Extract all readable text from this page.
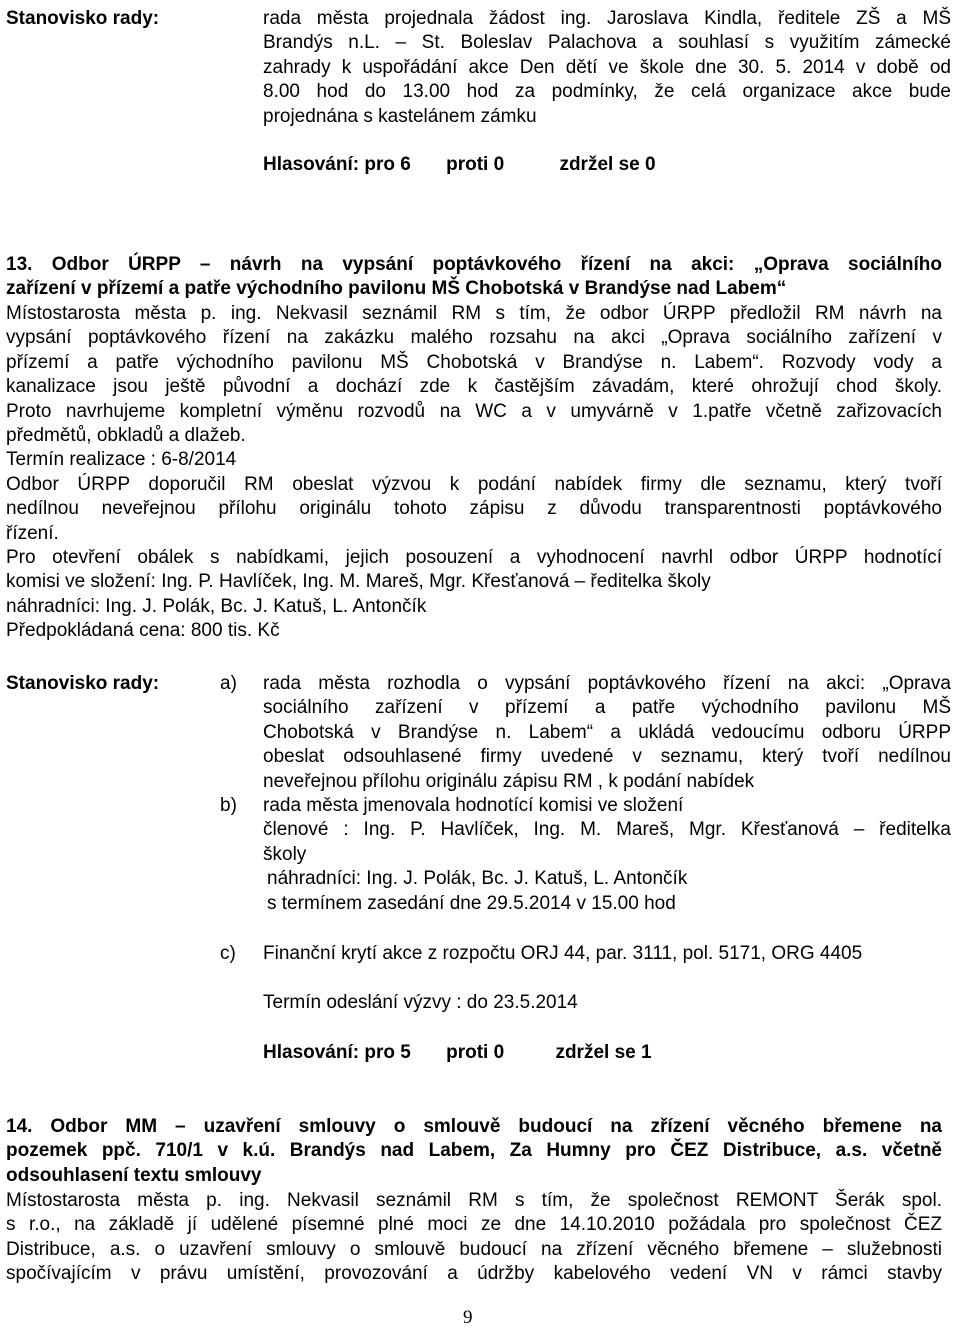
Stanovisko rady:	rada města projednala žádost ing. Jaroslava Kindla, ředitele ZŠ a MŠ
Brandýs n.L. – St. Boleslav Palachova a souhlasí s využitím zámecké
zahrady k uspořádání akce Den dětí ve škole dne 30. 5. 2014 v době od
8.00 hod do 13.00 hod za podmínky, že celá organizace akce bude
projednána s kastelánem zámku
Hlasování: pro 6 proti 0	zdržel se 0
13. Odbor ÚRPP – návrh na vypsání poptávkového řízení na akci: „Oprava sociálního
zařízení v přízemí a patře východního pavilonu MŠ Chobotská v Brandýse nad Labem“
Místostarosta města p. ing. Nekvasil seznámil RM s tím, že odbor ÚRPP předložil RM návrh na
vypsání poptávkového řízení na zakázku malého rozsahu na akci „Oprava sociálního zařízení v
přízemí a patře východního pavilonu MŠ Chobotská v Brandýse n. Labem“. Rozvody vody a
kanalizace jsou ještě původní a dochází zde k častějším závadám, které ohrožují chod školy.
Proto navrhujeme kompletní výměnu rozvodů na WC a v umyvárně v 1.patře včetně zařizovacích
předmětů, obkladů a dlažeb.
Termín realizace : 6-8/2014
Odbor ÚRPP doporučil RM obeslat výzvou k podání nabídek firmy dle seznamu, který tvoří
nedílnou neveřejnou přílohu originálu tohoto zápisu z důvodu transparentnosti poptávkového
řízení.
Pro otevření obálek s nabídkami, jejich posouzení a vyhodnocení navrhl odbor ÚRPP hodnotící
komisi ve složení: Ing. P. Havlíček, Ing. M. Mareš, Mgr. Křesťanová – ředitelka školy
náhradníci: Ing. J. Polák, Bc. J. Katuš, L. Antončík
Předpokládaná cena: 800 tis. Kč
Stanovisko rady:	a) rada města rozhodla o vypsání poptávkového řízení na akci: „Oprava
sociálního zařízení v přízemí a patře východního pavilonu MŠ
Chobotská v Brandýse n. Labem“ a ukládá vedoucímu odboru ÚRPP
obeslat odsouhlasené firmy uvedené v seznamu, který tvoří nedílnou
neveřejnou přílohu originálu zápisu RM , k podání nabídek
b) rada města jmenovala hodnotící komisi ve složení
členové : Ing. P. Havlíček, Ing. M. Mareš, Mgr. Křesťanová – ředitelka
školy
náhradníci: Ing. J. Polák, Bc. J. Katuš, L. Antončík
s termínem zasedání dne 29.5.2014 v 15.00 hod
c) Finanční krytí akce z rozpočtu ORJ 44, par. 3111, pol. 5171, ORG 4405
Termín odeslání výzvy : do 23.5.2014
Hlasování: pro 5 proti 0	zdržel se 1
14. Odbor MM – uzavření smlouvy o smlouvě budoucí na zřízení věcného břemene na
pozemek ppč. 710/1 v k.ú. Brandýs nad Labem, Za Humny pro ČEZ Distribuce, a.s. včetně
odsouhlasení textu smlouvy
Místostarosta města p. ing. Nekvasil seznámil RM s tím, že společnost REMONT Šerák spol.
s r.o., na základě jí udělené písemné plné moci ze dne 14.10.2010 požádala pro společnost ČEZ
Distribuce, a.s. o uzavření smlouvy o smlouvě budoucí na zřízení věcného břemene – služebnosti
spočívajícím v právu umístění, provozování a údržby kabelového vedení VN v rámci stavby
9
